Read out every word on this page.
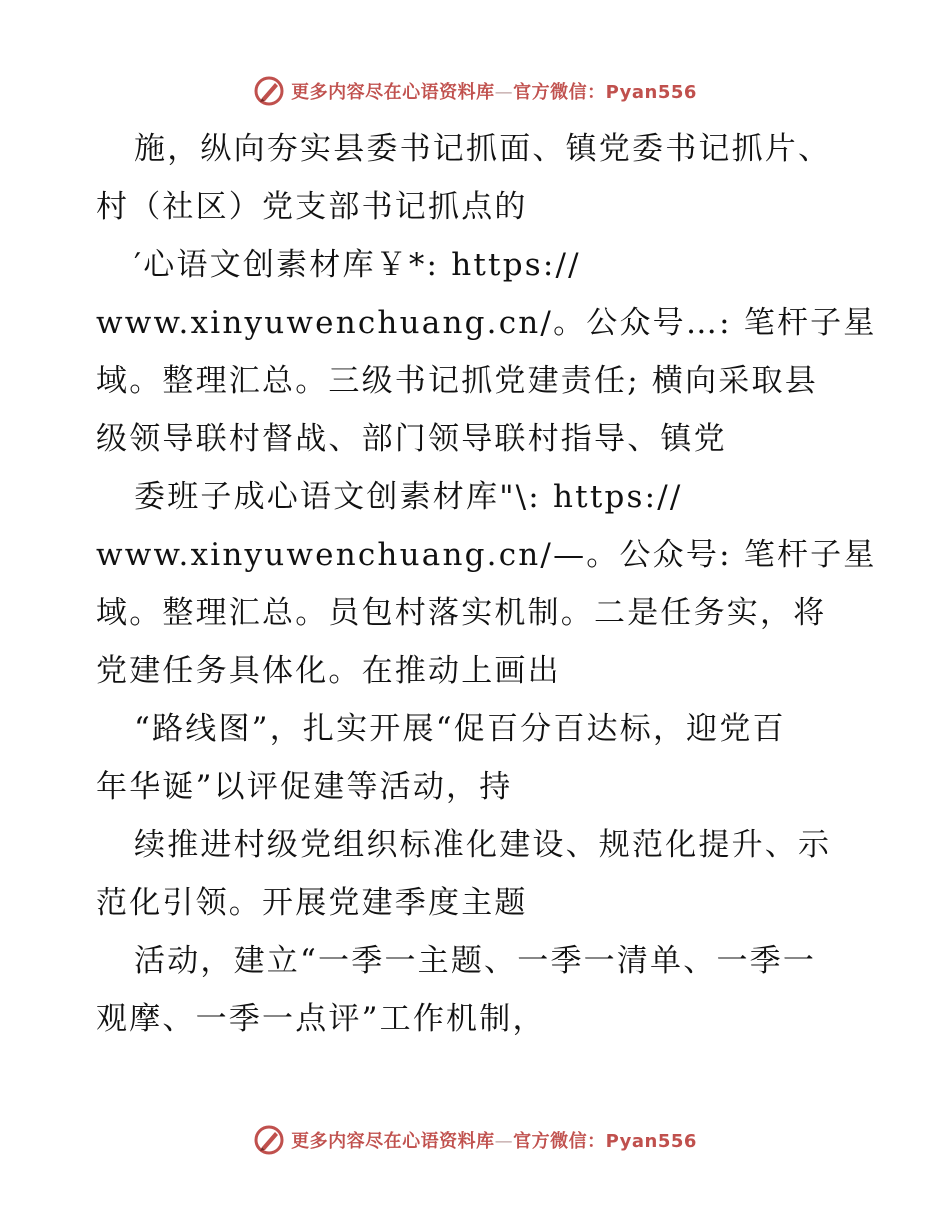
更多内容尽在心语资料库—官方微信：Pyan556
施，纵向夯实县委书记抓面、镇党委书记抓片、
村（社区）党支部书记抓点的
′心语文创素材库￥*: https://
www.xinyuwenchuang.cn/。公众号…: 笔杆子星
域。整理汇总。三级书记抓党建责任; 横向采取县
级领导联村督战、部门领导联村指导、镇党
委班子成心语文创素材库"\: https://
www.xinyuwenchuang.cn/—。公众号: 笔杆子星
域。整理汇总。员包村落实机制。二是任务实，将
党建任务具体化。在推动上画出
“路线图”，扎实开展“促百分百达标，迎党百
年华诞”以评促建等活动，持
续推进村级党组织标准化建设、规范化提升、示
范化引领。开展党建季度主题
活动，建立“一季一主题、一季一清单、一季一
观摩、一季一点评”工作机制，
更多内容尽在心语资料库—官方微信：Pyan556
